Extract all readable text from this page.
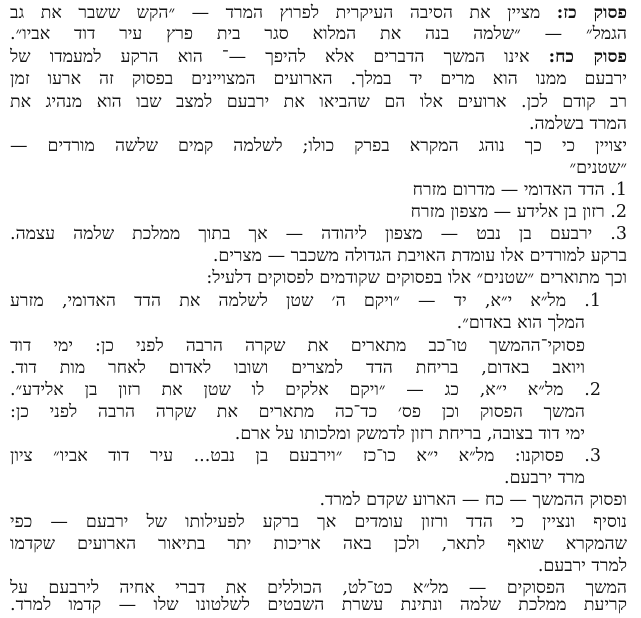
פסוק כז: מציין את הסיבה העיקרית לפרוץ המרד — ״הקש ששבר את גב
הגמל״ — ״שלמה בנה את המלוא סגר בית פרץ עיר דוד אביו״.
פסוק כח: אינו המשך הדברים אלא להיפך —־ הוא הרקע למעמדו של
ירבעם ממנו הוא מרים יד במלך. הארועים המצויינים בפסוק זה ארעו זמן
רב קודם לכן. ארועים אלו הם שהביאו את ירבעם למצב שבו הוא מנהיג את
המרד בשלמה.
יצויין כי כך נוהג המקרא בפרק כולו; לשלמה קמים שלשה מורדים —
״שטנים״
1. הדד האדומי — מדרום מזרח
2. רזון בן אלידע — מצפון מזרח
3. ירבעם בן נבט — מצפון ליהודה — אך בתוך ממלכת שלמה עצמה.
ברקע למורדים אלו עומדת האויבת הגדולה משכבר — מצרים.
וכך מתוארים ״שטנים״ אלו בפסוקים שקודמים לפסוקים דלעיל:
1. מל״א י״א, יד — ״ויקם ה׳ שטן לשלמה את הדד האדומי, מזרע
המלך הוא באדום״.
פסוקי־ההמשך טו־כב מתארים את שקרה הרבה לפני כן: ימי דוד
ויואב באדום, בריחת הדד למצרים ושובו לאדום לאחר מות דוד.
2. מל״א י״א, כג — ״ויקם אלקים לו שטן את רזון בן אלידע״.
המשך הפסוק וכן פס׳ כד־כה מתארים את שקרה הרבה לפני כן:
ימי דוד בצובה, בריחת רזון לדמשק ומלכותו על ארם.
3. פסוקנו: מל״א י״א כו־כז ״וירבעם בן נבט... עיר דוד אביו״ ציון
מרד ירבעם.
ופסוק ההמשך — כח — הארוע שקדם למרד.
נוסיף ונציין כי הדד ורזון עומדים אך ברקע לפעילותו של ירבעם — כפי
שהמקרא שואף לתאר, ולכן באה אריכות יתר בתיאור הארועים שקדמו
למרד ירבעם.
המשך הפסוקים — מל״א כט־לט, הכוללים את דברי אחיה לירבעם על
קריעת ממלכת שלמה ונתינת עשרת השבטים לשלטונו שלו — קדמו למרד.
